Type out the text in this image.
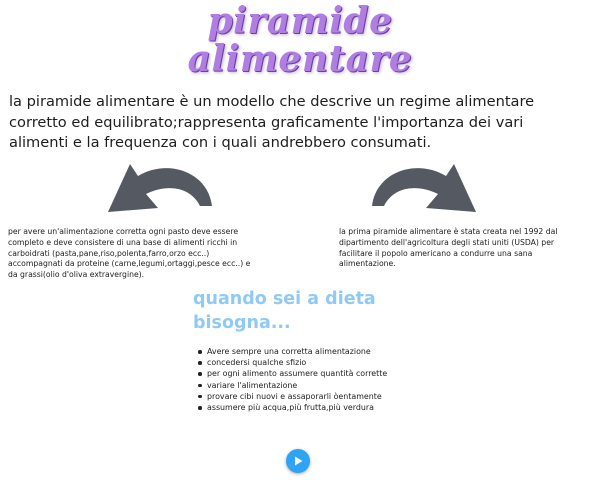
piramide
alimentare
la piramide alimentare è un modello che descrive un regime alimentare corretto ed equilibrato;rappresenta graficamente l'importanza dei vari alimenti e la frequenza con i quali andrebbero consumati.
per avere un'alimentazione corretta ogni pasto deve essere completo e deve consistere di una base di alimenti ricchi in carboidrati (pasta,pane,riso,polenta,farro,orzo ecc..) accompagnati da proteine (carne,legumi,ortaggi,pesce ecc..) e da grassi(olio d'oliva extravergine).
la prima piramide alimentare è stata creata nel 1992 dal dipartimento dell'agricoltura degli stati uniti (USDA) per facilitare il popolo americano a condurre una sana alimentazione.
quando sei a dieta
bisogna...
Avere sempre una corretta alimentazione
concedersi qualche sfizio
per ogni alimento assumere quantità corrette
variare l'alimentazione
provare cibi nuovi e assaporarli òentamente
assumere più acqua,più frutta,più verdura
